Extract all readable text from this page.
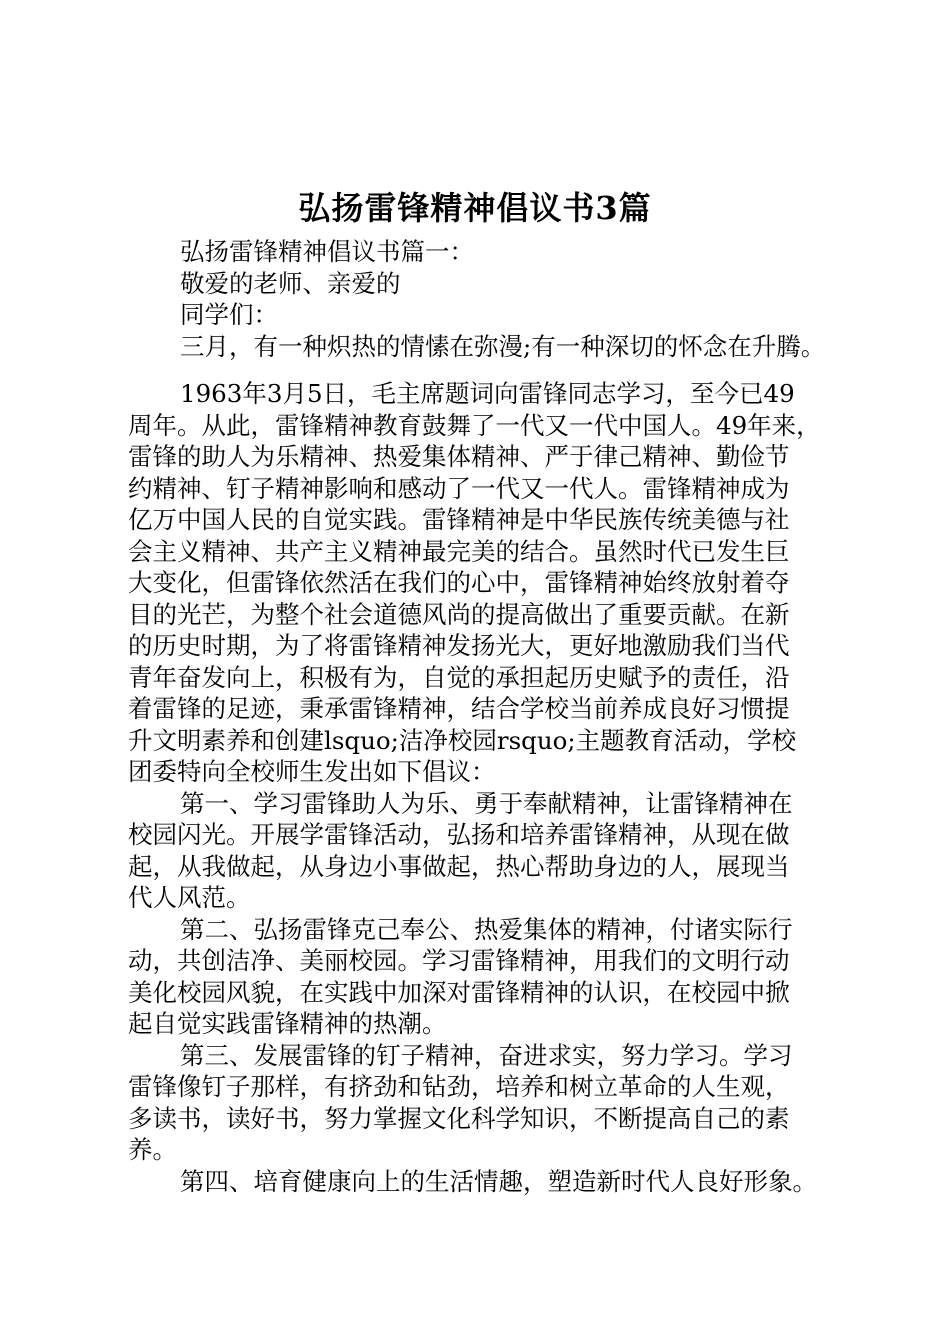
弘扬雷锋精神倡议书3篇
弘扬雷锋精神倡议书篇一：
敬爱的老师、亲爱的
同学们：
三月，有一种炽热的情愫在弥漫;有一种深切的怀念在升腾。
1963年3月5日，毛主席题词向雷锋同志学习，至今已49
周年。从此，雷锋精神教育鼓舞了一代又一代中国人。49年来，
雷锋的助人为乐精神、热爱集体精神、严于律己精神、勤俭节
约精神、钉子精神影响和感动了一代又一代人。雷锋精神成为
亿万中国人民的自觉实践。雷锋精神是中华民族传统美德与社
会主义精神、共产主义精神最完美的结合。虽然时代已发生巨
大变化，但雷锋依然活在我们的心中，雷锋精神始终放射着夺
目的光芒，为整个社会道德风尚的提高做出了重要贡献。在新
的历史时期，为了将雷锋精神发扬光大，更好地激励我们当代
青年奋发向上，积极有为，自觉的承担起历史赋予的责任，沿
着雷锋的足迹，秉承雷锋精神，结合学校当前养成良好习惯提
升文明素养和创建lsquo;洁净校园rsquo;主题教育活动，学校
团委特向全校师生发出如下倡议：
第一、学习雷锋助人为乐、勇于奉献精神，让雷锋精神在
校园闪光。开展学雷锋活动，弘扬和培养雷锋精神，从现在做
起，从我做起，从身边小事做起，热心帮助身边的人，展现当
代人风范。
第二、弘扬雷锋克己奉公、热爱集体的精神，付诸实际行
动，共创洁净、美丽校园。学习雷锋精神，用我们的文明行动
美化校园风貌，在实践中加深对雷锋精神的认识，在校园中掀
起自觉实践雷锋精神的热潮。
第三、发展雷锋的钉子精神，奋进求实，努力学习。学习
雷锋像钉子那样，有挤劲和钻劲，培养和树立革命的人生观，
多读书，读好书，努力掌握文化科学知识，不断提高自己的素
养。
第四、培育健康向上的生活情趣，塑造新时代人良好形象。
